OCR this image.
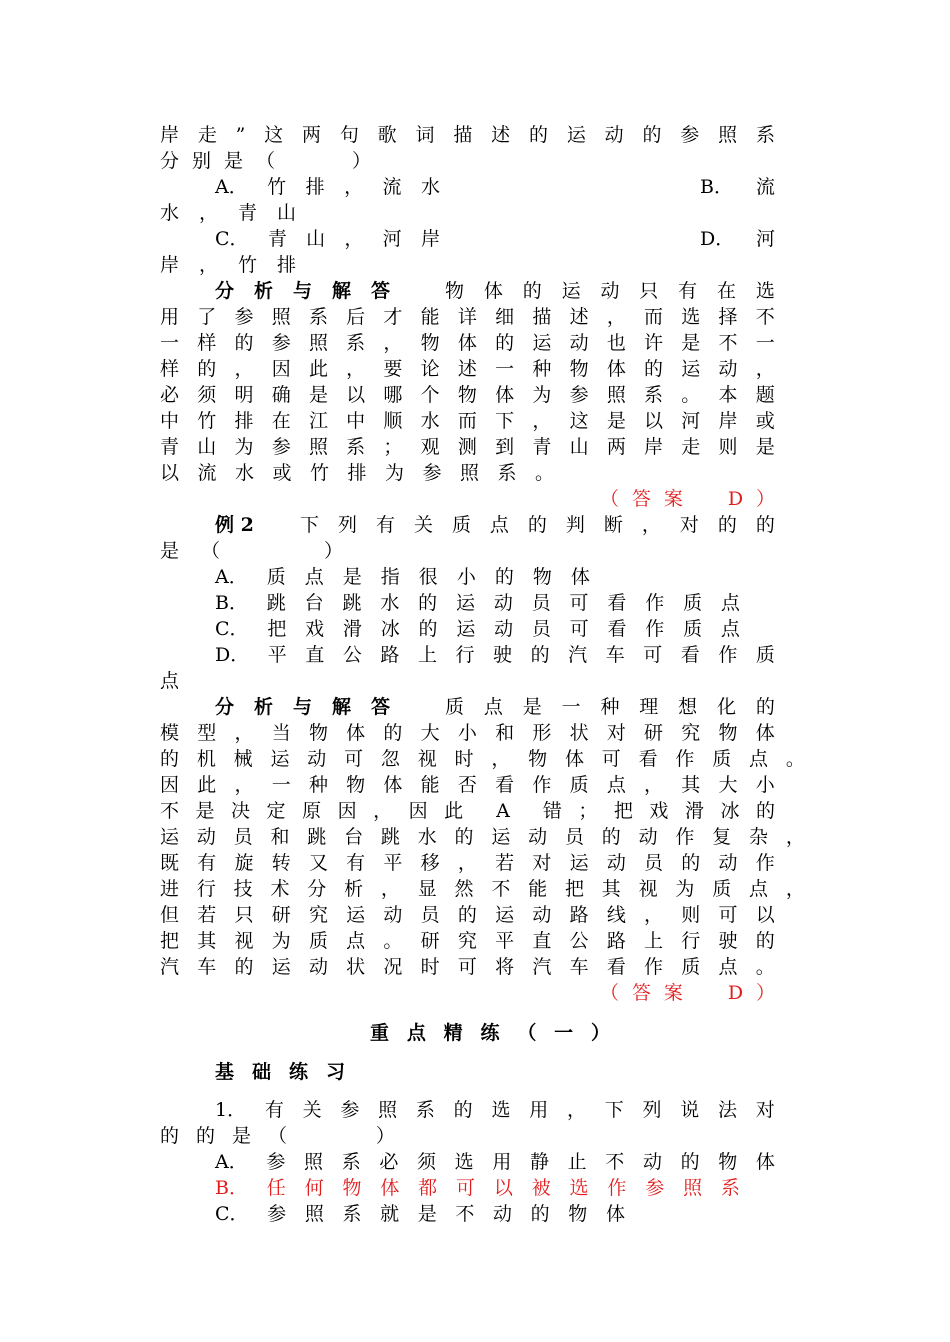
岸 走 ” 这 两 句 歌 词 描 述 的 运 动 的 参 照 系
分别是（　　）
A． 竹 排 ， 流 水	B． 流
水，青山
C． 青 山 ， 河 岸	D． 河
岸，竹排
分 析 与 解 答	物 体 的 运 动 只 有 在 选
用 了 参 照 系 后 才 能 详 细 描 述 ， 而 选 择 不
一 样 的 参 照 系 ， 物 体 的 运 动 也 许 是 不 一
样 的 ， 因 此 ， 要 论 述 一 种 物 体 的 运 动 ，
必 须 明 确 是 以 哪 个 物 体 为 参 照 系 。 本 题
中 竹 排 在 江 中 顺 水 而 下 ， 这 是 以 河 岸 或
青 山 为 参 照 系 ； 观 测 到 青 山 两 岸 走 则 是
以流水或竹排为参照系。
（ 答 案
　 D ）
例 2	下 列 有 关 质 点 的 判 断 ， 对 的 的
是（　　）
A． 质 点 是 指 很 小 的 物 体
B． 跳 台 跳 水 的 运 动 员 可 看 作 质 点
C． 把 戏 滑 冰 的 运 动 员 可 看 作 质 点
D． 平 直 公 路 上 行 驶 的 汽 车 可 看 作 质
点
分 析 与 解 答	质 点 是 一 种 理 想 化 的
模 型 ， 当 物 体 的 大 小 和 形 状 对 研 究 物 体
的 机 械 运 动 可 忽 视 时 ， 物 体 可 看 作 质 点 。
因 此 ， 一 种 物 体 能 否 看 作 质 点 ， 其 大 小
不 是 决 定 原 因 ， 因 此 A 错 ； 把 戏 滑 冰 的
运 动 员 和 跳 台 跳 水 的 运 动 员 的 动 作 复 杂 ，
既 有 旋 转 又 有 平 移 ， 若 对 运 动 员 的 动 作
进 行 技 术 分 析 ， 显 然 不 能 把 其 视 为 质 点 ，
但 若 只 研 究 运 动 员 的 运 动 路 线 ， 则 可 以
把 其 视 为 质 点 。 研 究 平 直 公 路 上 行 驶 的
汽 车 的 运 动 状 况 时 可 将 汽 车 看 作 质 点 。
（ 答 案
　 D ）
重 点 精 练 （ 一 ）
基 础 练 习
1． 有 关 参 照 系 的 选 用 ， 下 列 说 法 对
的 的 是 （

　	）
A． 参 照 系 必 须 选 用 静 止 不 动 的 物 体
B． 任 何 物 体 都 可 以 被 选 作 参 照 系
C． 参 照 系 就 是 不 动 的 物 体
